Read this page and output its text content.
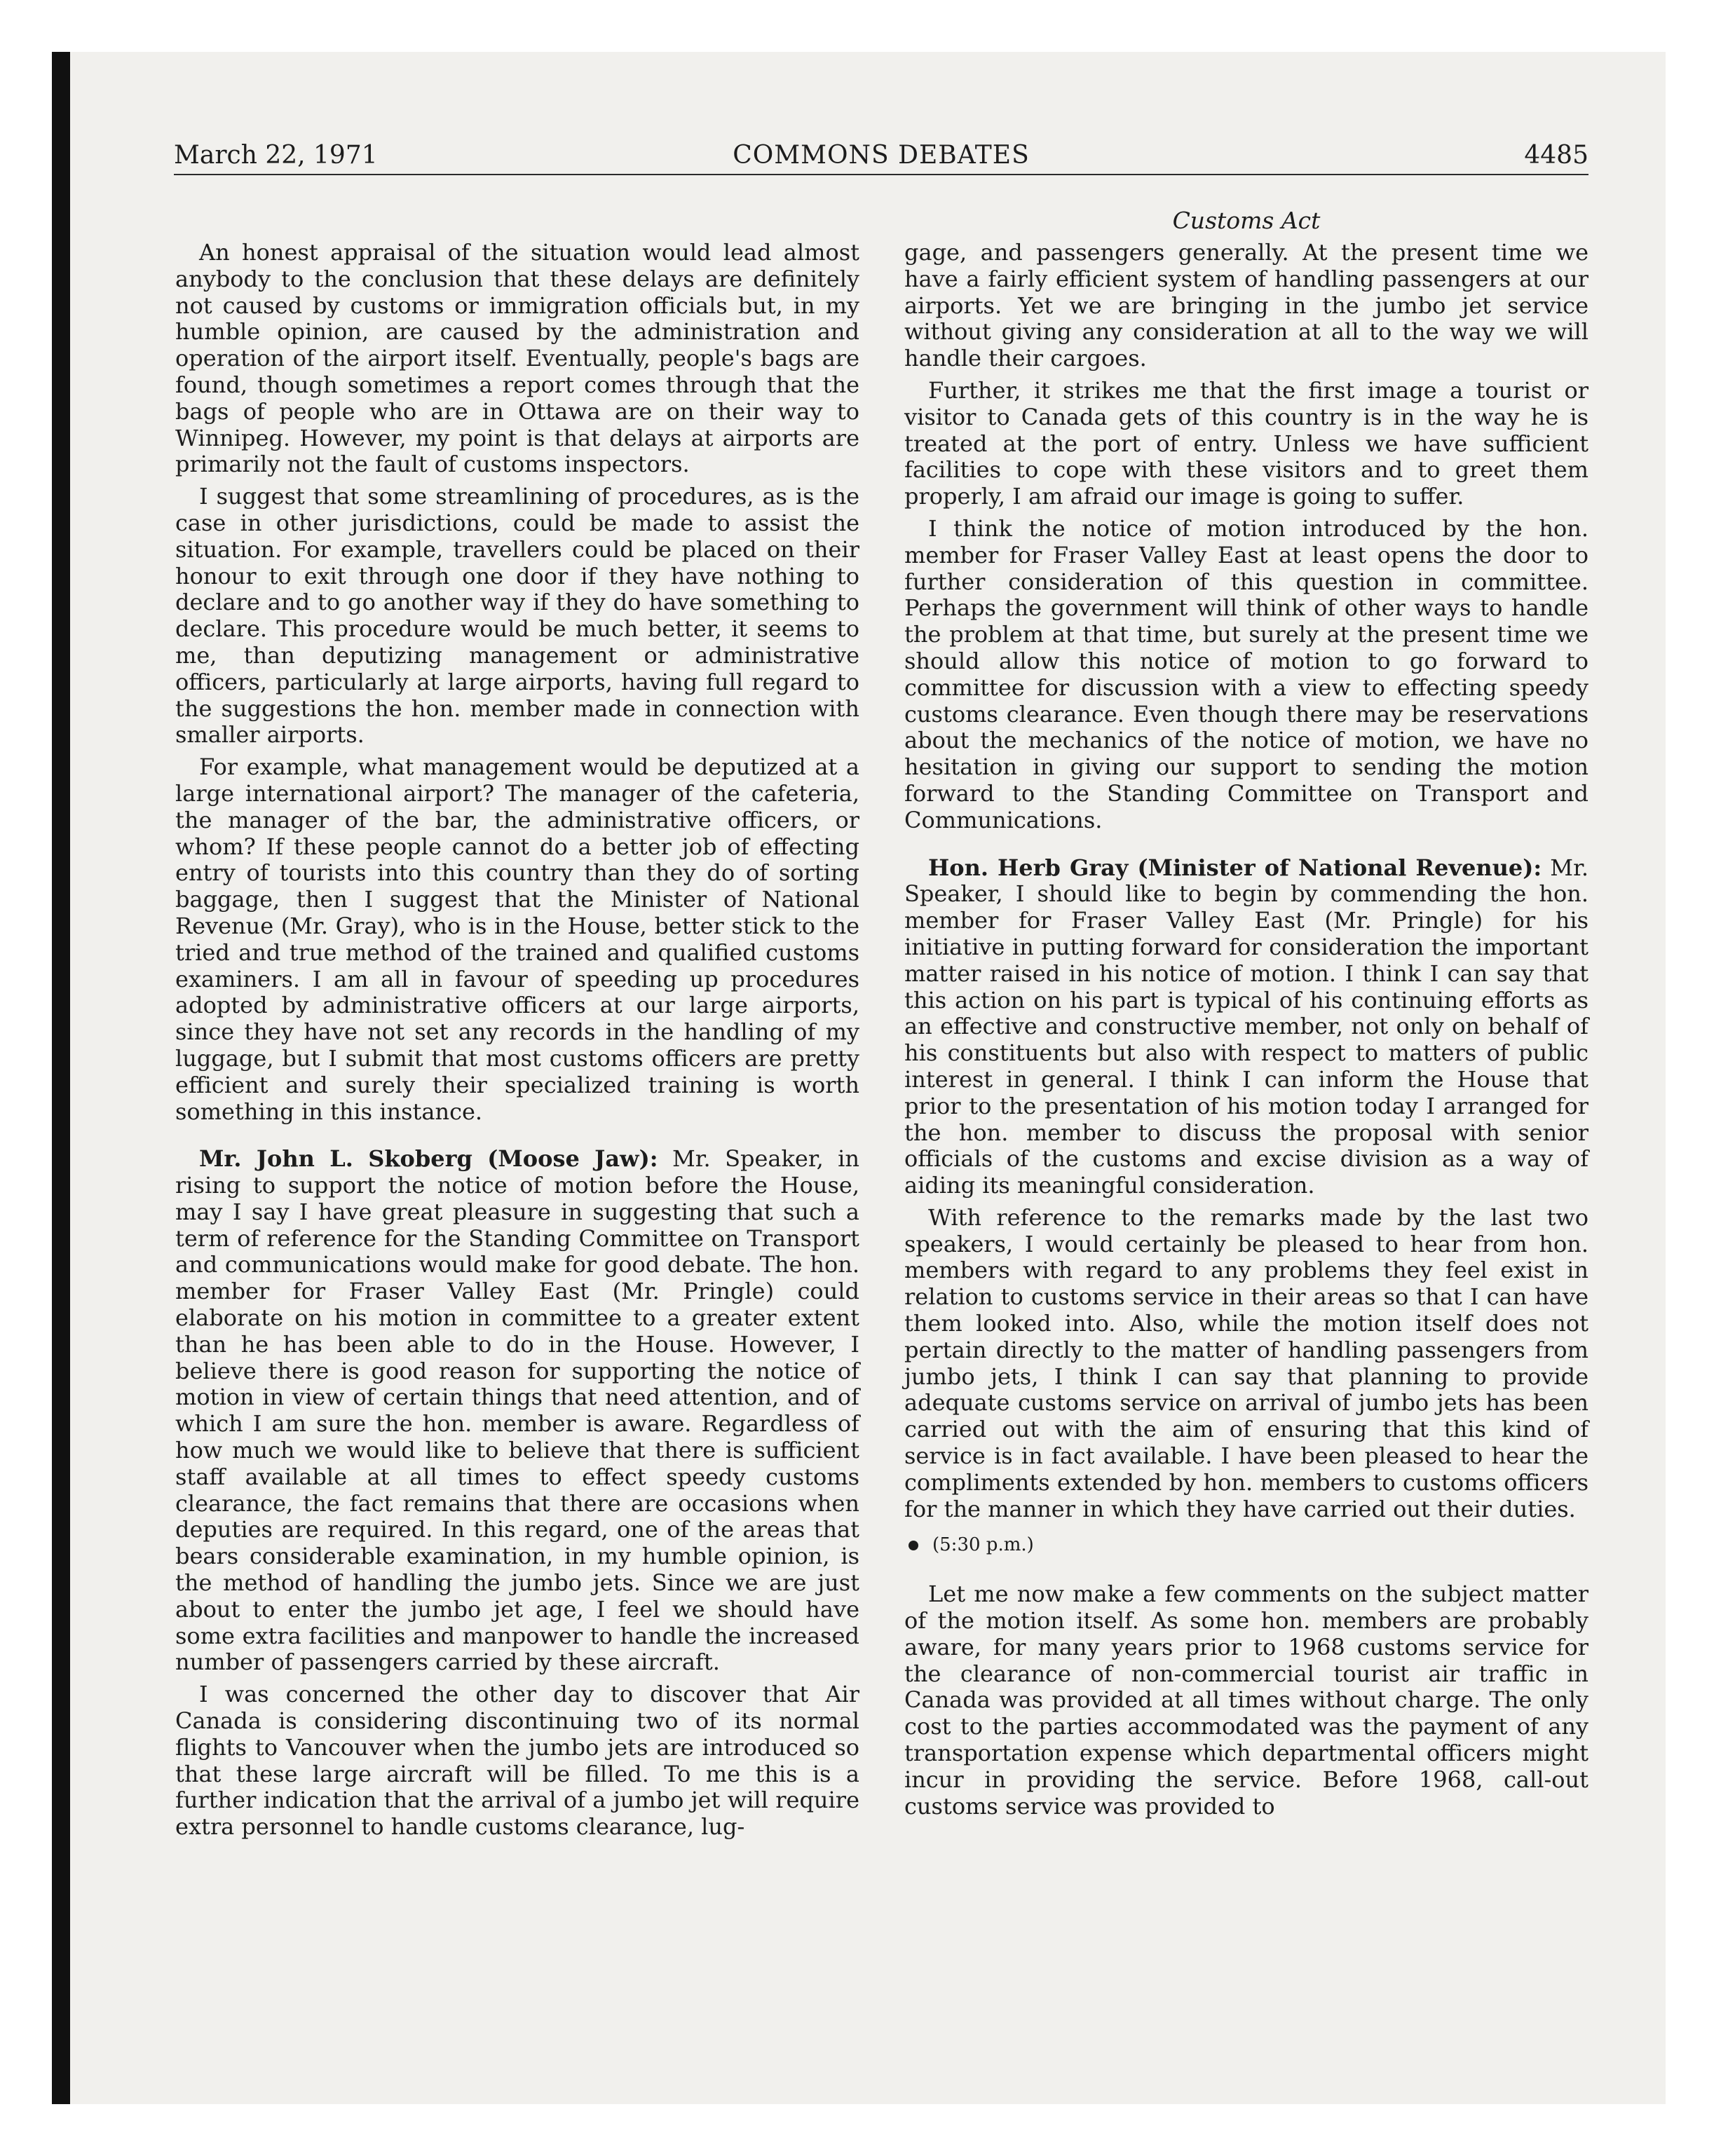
March 22, 1971	COMMONS DEBATES	4485
Customs Act

An honest appraisal of the situation would lead almost anybody to the conclusion that these delays are definitely not caused by customs or immigration officials but, in my humble opinion, are caused by the administration and operation of the airport itself. Eventually, people's bags are found, though sometimes a report comes through that the bags of people who are in Ottawa are on their way to Winnipeg. However, my point is that delays at airports are primarily not the fault of customs inspectors.

I suggest that some streamlining of procedures, as is the case in other jurisdictions, could be made to assist the situation. For example, travellers could be placed on their honour to exit through one door if they have nothing to declare and to go another way if they do have something to declare. This procedure would be much better, it seems to me, than deputizing management or administrative officers, particularly at large airports, having full regard to the suggestions the hon. member made in connection with smaller airports.

For example, what management would be deputized at a large international airport? The manager of the cafeteria, the manager of the bar, the administrative officers, or whom? If these people cannot do a better job of effecting entry of tourists into this country than they do of sorting baggage, then I suggest that the Minister of National Revenue (Mr. Gray), who is in the House, better stick to the tried and true method of the trained and qualified customs examiners. I am all in favour of speeding up procedures adopted by administrative officers at our large airports, since they have not set any records in the handling of my luggage, but I submit that most customs officers are pretty efficient and surely their specialized training is worth something in this instance.

Mr. John L. Skoberg (Moose Jaw): Mr. Speaker, in rising to support the notice of motion before the House, may I say I have great pleasure in suggesting that such a term of reference for the Standing Committee on Transport and communications would make for good debate. The hon. member for Fraser Valley East (Mr. Pringle) could elaborate on his motion in committee to a greater extent than he has been able to do in the House. However, I believe there is good reason for supporting the notice of motion in view of certain things that need attention, and of which I am sure the hon. member is aware. Regardless of how much we would like to believe that there is sufficient staff available at all times to effect speedy customs clearance, the fact remains that there are occasions when deputies are required. In this regard, one of the areas that bears considerable examination, in my humble opinion, is the method of handling the jumbo jets. Since we are just about to enter the jumbo jet age, I feel we should have some extra facilities and manpower to handle the increased number of passengers carried by these aircraft.

I was concerned the other day to discover that Air Canada is considering discontinuing two of its normal flights to Vancouver when the jumbo jets are introduced so that these large aircraft will be filled. To me this is a further indication that the arrival of a jumbo jet will require extra personnel to handle customs clearance, lug-

gage, and passengers generally. At the present time we have a fairly efficient system of handling passengers at our airports. Yet we are bringing in the jumbo jet service without giving any consideration at all to the way we will handle their cargoes.

Further, it strikes me that the first image a tourist or visitor to Canada gets of this country is in the way he is treated at the port of entry. Unless we have sufficient facilities to cope with these visitors and to greet them properly, I am afraid our image is going to suffer.

I think the notice of motion introduced by the hon. member for Fraser Valley East at least opens the door to further consideration of this question in committee. Perhaps the government will think of other ways to handle the problem at that time, but surely at the present time we should allow this notice of motion to go forward to committee for discussion with a view to effecting speedy customs clearance. Even though there may be reservations about the mechanics of the notice of motion, we have no hesitation in giving our support to sending the motion forward to the Standing Committee on Transport and Communications.

Hon. Herb Gray (Minister of National Revenue): Mr. Speaker, I should like to begin by commending the hon. member for Fraser Valley East (Mr. Pringle) for his initiative in putting forward for consideration the important matter raised in his notice of motion. I think I can say that this action on his part is typical of his continuing efforts as an effective and constructive member, not only on behalf of his constituents but also with respect to matters of public interest in general. I think I can inform the House that prior to the presentation of his motion today I arranged for the hon. member to discuss the proposal with senior officials of the customs and excise division as a way of aiding its meaningful consideration.

With reference to the remarks made by the last two speakers, I would certainly be pleased to hear from hon. members with regard to any problems they feel exist in relation to customs service in their areas so that I can have them looked into. Also, while the motion itself does not pertain directly to the matter of handling passengers from jumbo jets, I think I can say that planning to provide adequate customs service on arrival of jumbo jets has been carried out with the aim of ensuring that this kind of service is in fact available. I have been pleased to hear the compliments extended by hon. members to customs officers for the manner in which they have carried out their duties.

(5:30 p.m.)

Let me now make a few comments on the subject matter of the motion itself. As some hon. members are probably aware, for many years prior to 1968 customs service for the clearance of non-commercial tourist air traffic in Canada was provided at all times without charge. The only cost to the parties accommodated was the payment of any transportation expense which departmental officers might incur in providing the service. Before 1968, call-out customs service was provided to
